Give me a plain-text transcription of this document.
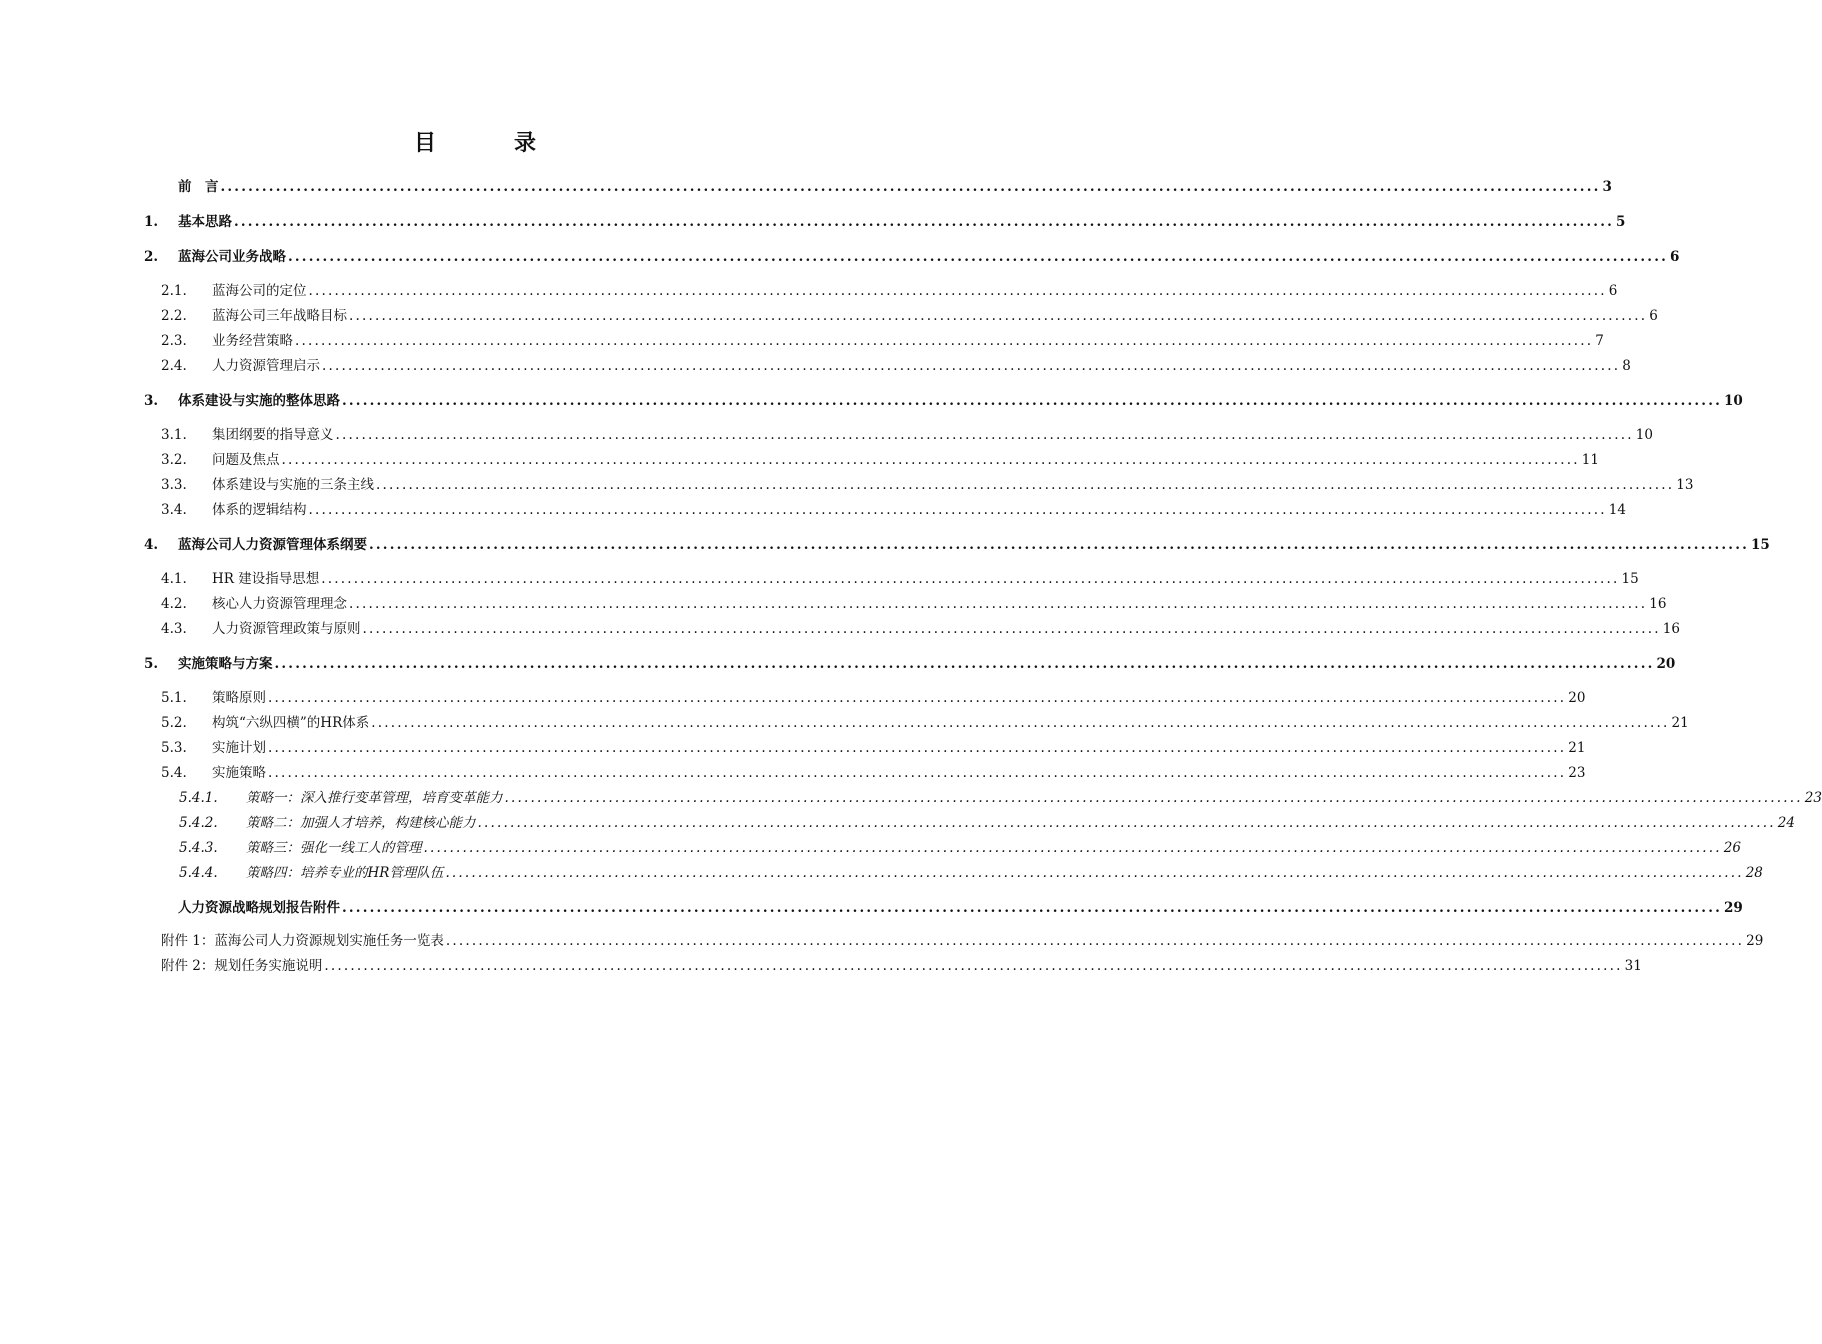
目　录
前　言 ........................................................................................................................................................................................................ 3
1.	基本思路 ........................................................................................................................................................................................................ 5
2.	蓝海公司业务战略 ........................................................................................................................................................................................................ 6
2.1.	蓝海公司的定位 ........................................................................................................................................................................................................ 6
2.2.	蓝海公司三年战略目标 ........................................................................................................................................................................................................ 6
2.3.	业务经营策略 ........................................................................................................................................................................................................ 7
2.4.	人力资源管理启示 ........................................................................................................................................................................................................ 8
3.	体系建设与实施的整体思路 ........................................................................................................................................................................................................ 10
3.1.	集团纲要的指导意义 ........................................................................................................................................................................................................ 10
3.2.	问题及焦点 ........................................................................................................................................................................................................ 11
3.3.	体系建设与实施的三条主线 ........................................................................................................................................................................................................ 13
3.4.	体系的逻辑结构 ........................................................................................................................................................................................................ 14
4.	蓝海公司人力资源管理体系纲要 ........................................................................................................................................................................................................ 15
4.1.	HR 建设指导思想 ........................................................................................................................................................................................................ 15
4.2.	核心人力资源管理理念 ........................................................................................................................................................................................................ 16
4.3.	人力资源管理政策与原则 ........................................................................................................................................................................................................ 16
5.	实施策略与方案 ........................................................................................................................................................................................................ 20
5.1.	策略原则 ........................................................................................................................................................................................................ 20
5.2.	构筑“六纵四横”的HR体系 ........................................................................................................................................................................................................ 21
5.3.	实施计划 ........................................................................................................................................................................................................ 21
5.4.	实施策略 ........................................................................................................................................................................................................ 23
5.4.1.	策略一：深入推行变革管理，培育变革能力 ........................................................................................................................................................................................................ 23
5.4.2.	策略二：加强人才培养，构建核心能力 ........................................................................................................................................................................................................ 24
5.4.3.	策略三：强化一线工人的管理 ........................................................................................................................................................................................................ 26
5.4.4.	策略四：培养专业的HR管理队伍 ........................................................................................................................................................................................................ 28
人力资源战略规划报告附件 ........................................................................................................................................................................................................ 29
附件 1：蓝海公司人力资源规划实施任务一览表 ........................................................................................................................................................................................................ 29
附件 2：规划任务实施说明 ........................................................................................................................................................................................................ 31
